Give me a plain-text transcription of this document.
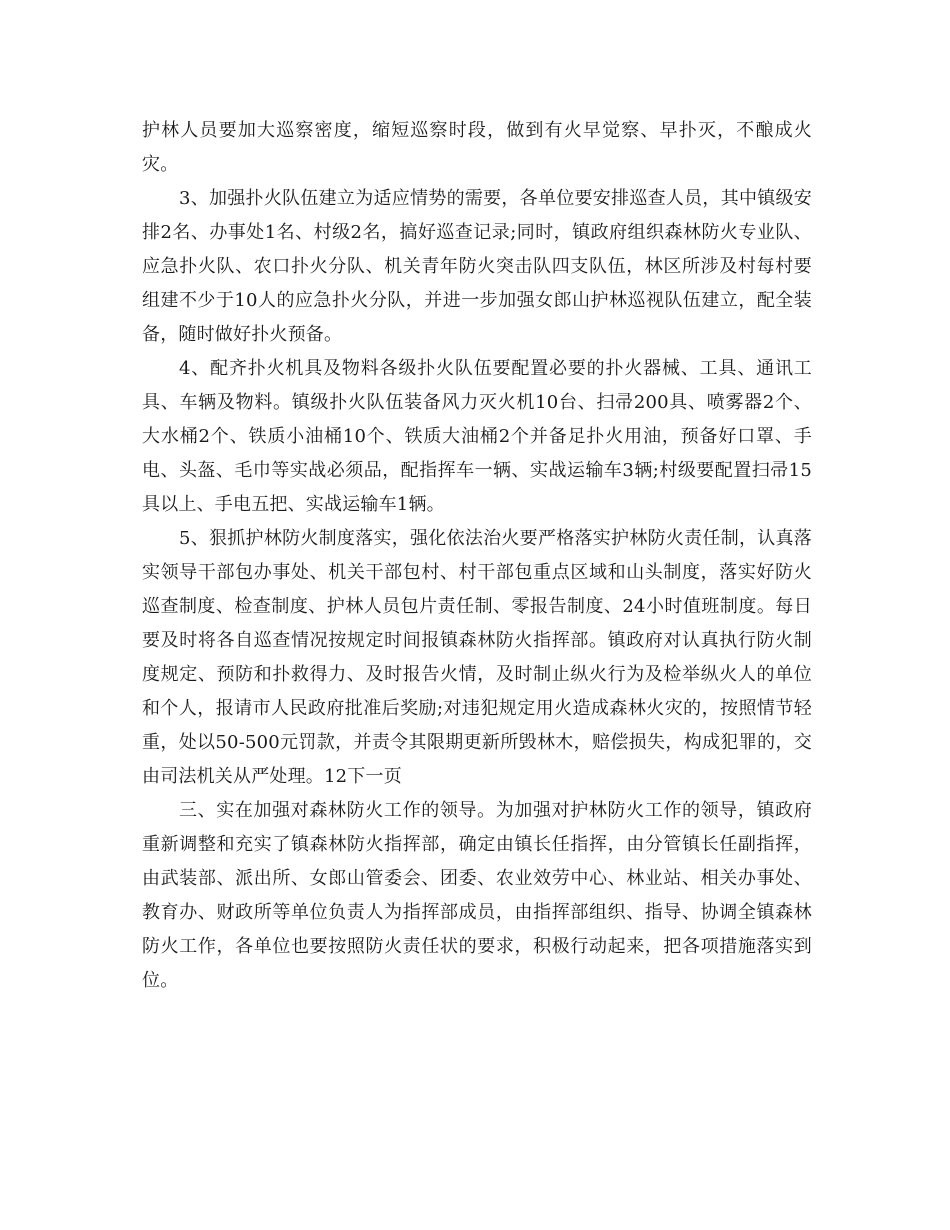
护林人员要加大巡察密度，缩短巡察时段，做到有火早觉察、早扑灭，不酿成火灾。

3、加强扑火队伍建立为适应情势的需要，各单位要安排巡查人员，其中镇级安排2名、办事处1名、村级2名，搞好巡查记录;同时，镇政府组织森林防火专业队、应急扑火队、农口扑火分队、机关青年防火突击队四支队伍，林区所涉及村每村要组建不少于10人的应急扑火分队，并进一步加强女郎山护林巡视队伍建立，配全装备，随时做好扑火预备。

4、配齐扑火机具及物料各级扑火队伍要配置必要的扑火器械、工具、通讯工具、车辆及物料。镇级扑火队伍装备风力灭火机10台、扫帚200具、喷雾器2个、大水桶2个、铁质小油桶10个、铁质大油桶2个并备足扑火用油，预备好口罩、手电、头盔、毛巾等实战必须品，配指挥车一辆、实战运输车3辆;村级要配置扫帚15具以上、手电五把、实战运输车1辆。

5、狠抓护林防火制度落实，强化依法治火要严格落实护林防火责任制，认真落实领导干部包办事处、机关干部包村、村干部包重点区域和山头制度，落实好防火巡查制度、检查制度、护林人员包片责任制、零报告制度、24小时值班制度。每日要及时将各自巡查情况按规定时间报镇森林防火指挥部。镇政府对认真执行防火制度规定、预防和扑救得力、及时报告火情，及时制止纵火行为及检举纵火人的单位和个人，报请市人民政府批准后奖励;对违犯规定用火造成森林火灾的，按照情节轻重，处以50-500元罚款，并责令其限期更新所毁林木，赔偿损失，构成犯罪的，交由司法机关从严处理。12下一页

三、实在加强对森林防火工作的领导。为加强对护林防火工作的领导，镇政府重新调整和充实了镇森林防火指挥部，确定由镇长任指挥，由分管镇长任副指挥，由武装部、派出所、女郎山管委会、团委、农业效劳中心、林业站、相关办事处、教育办、财政所等单位负责人为指挥部成员，由指挥部组织、指导、协调全镇森林防火工作，各单位也要按照防火责任状的要求，积极行动起来，把各项措施落实到位。
